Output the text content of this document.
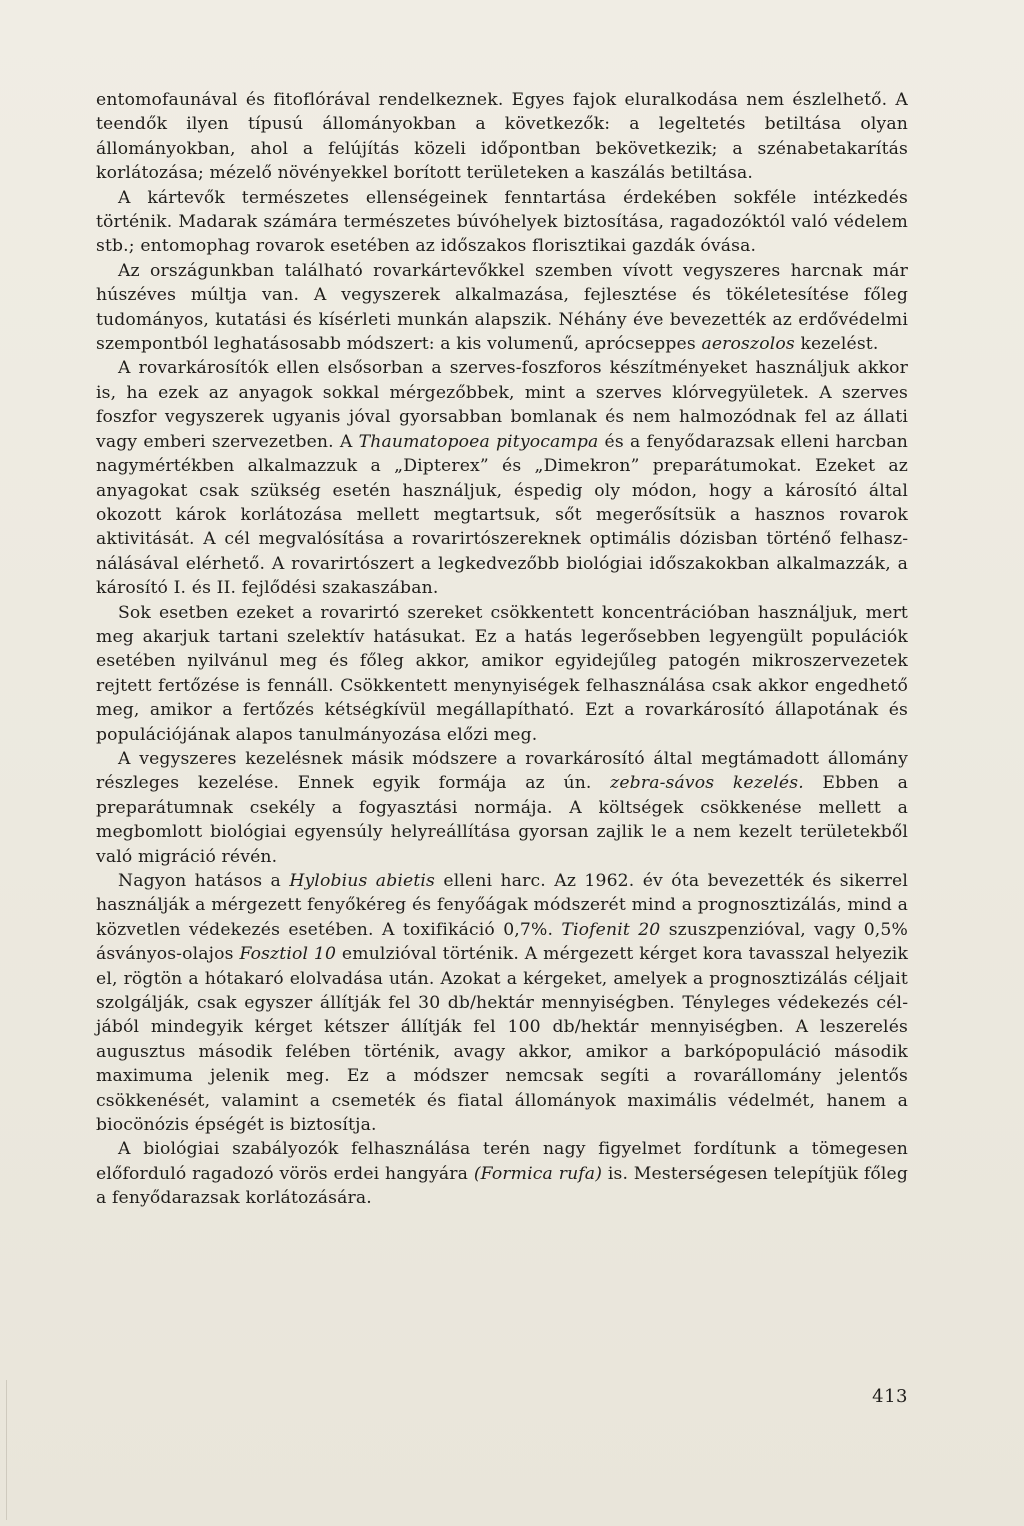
entomofaunával és fitoflórával rendelkeznek. Egyes fajok eluralkodása nem észlelhető. A teendők ilyen típusú állományokban a következők: a legeltetés betiltása olyan állományokban, ahol a felújítás közeli időpontban bekövetkezik; a szénabetakarítás korlátozása; mézelő növényekkel borított területeken a kaszálás betiltása.

A kártevők természetes ellenségeinek fenntartása érdekében sokféle intézkedés történik. Madarak számára természetes búvóhelyek biztosítása, ragadozóktól való védelem stb.; entomophag rovarok esetében az időszakos florisztikai gazdák óvása.

Az országunkban található rovarkártevőkkel szemben vívott vegyszeres harcnak már húszéves múltja van. A vegyszerek alkalmazása, fejlesztése és tökéletesítése főleg tudományos, kutatási és kísérleti munkán alapszik. Néhány éve bevezették az erdővédelmi szempontból leghatásosabb módszert: a kis volumenű, aprócseppes aeroszolos kezelést.

A rovarkárosítók ellen elsősorban a szerves-foszforos készítményeket használjuk akkor is, ha ezek az anyagok sokkal mérgezőbbek, mint a szerves klórvegyületek. A szerves foszfor vegyszerek ugyanis jóval gyorsabban bomlanak és nem halmozódnak fel az állati vagy emberi szervezetben. A Thaumatopoea pityocampa és a fenyődarazsak elleni harcban nagymértékben alkalmazzuk a „Dipterex” és „Dimekron” preparátumokat. Ezeket az anyagokat csak szükség esetén használjuk, éspedig oly módon, hogy a károsító által okozott károk korlátozása mellett megtartsuk, sőt megerősítsük a hasznos rovarok aktivitását. A cél megvalósítása a rovarirtószereknek optimális dózisban történő felhasználásával elérhető. A rovarirtószert a legkedvezőbb biológiai időszakokban alkalmazzák, a károsító I. és II. fejlődési szakaszában.

Sok esetben ezeket a rovarirtó szereket csökkentett koncentrációban használjuk, mert meg akarjuk tartani szelektív hatásukat. Ez a hatás legerősebben legyengült populációk esetében nyilvánul meg és főleg akkor, amikor egyidejűleg patogén mikroszervezetek rejtett fertőzése is fennáll. Csökkentett menynyiségek felhasználása csak akkor engedhető meg, amikor a fertőzés kétségkívül megállapítható. Ezt a rovarkárosító állapotának és populációjának alapos tanulmányozása előzi meg.

A vegyszeres kezelésnek másik módszere a rovarkárosító által megtámadott állomány részleges kezelése. Ennek egyik formája az ún. zebra-sávos kezelés. Ebben a preparátumnak csekély a fogyasztási normája. A költségek csökkenése mellett a megbomlott biológiai egyensúly helyreállítása gyorsan zajlik le a nem kezelt területekből való migráció révén.

Nagyon hatásos a Hylobius abietis elleni harc. Az 1962. év óta bevezették és sikerrel használják a mérgezett fenyőkéreg és fenyőágak módszerét mind a prognosztizálás, mind a közvetlen védekezés esetében. A toxifikáció 0,7%. Tiofenit 20 szuszpenzióval, vagy 0,5% ásványos-olajos Fosztiol 10 emulzióval történik. A mérgezett kérget kora tavasszal helyezik el, rögtön a hótakaró elolvadása után. Azokat a kérgeket, amelyek a prognosztizálás céljait szolgálják, csak egyszer állítják fel 30 db/hektár mennyiségben. Tényleges védekezés céljából mindegyik kérget kétszer állítják fel 100 db/hektár mennyiségben. A leszerelés augusztus második felében történik, avagy akkor, amikor a barkópopuláció második maximuma jelenik meg. Ez a módszer nemcsak segíti a rovarállomány jelentős csökkenését, valamint a csemeték és fiatal állományok maximális védelmét, hanem a biocönózis épségét is biztosítja.

A biológiai szabályozók felhasználása terén nagy figyelmet fordítunk a tömegesen előforduló ragadozó vörös erdei hangyára (Formica rufa) is. Mesterségesen telepítjük főleg a fenyődarazsak korlátozására.

413
